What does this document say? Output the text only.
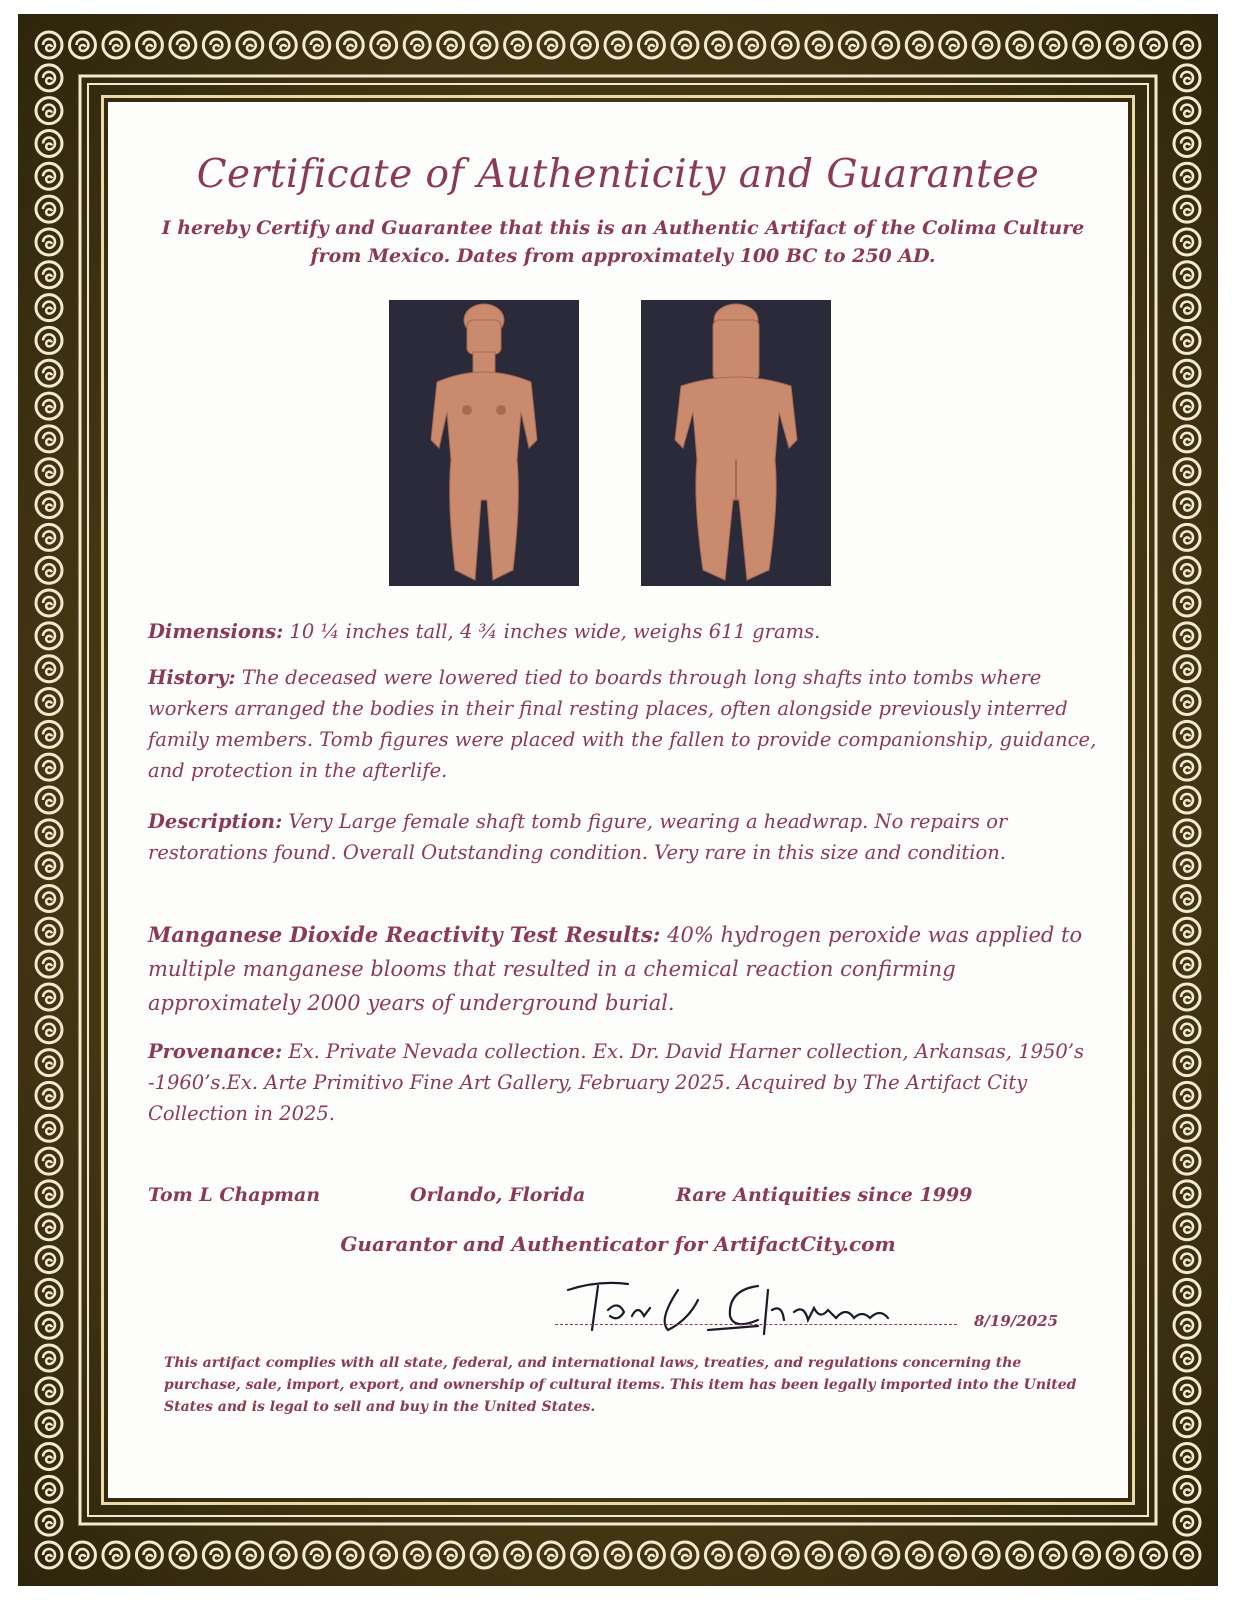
Certificate of Authenticity and Guarantee
I hereby Certify and Guarantee that this is an Authentic Artifact of the Colima Culture from Mexico. Dates from approximately 100 BC to 250 AD.
Dimensions: 10 ¼ inches tall, 4 ¾ inches wide, weighs 611 grams.
History: The deceased were lowered tied to boards through long shafts into tombs where workers arranged the bodies in their final resting places, often alongside previously interred family members. Tomb figures were placed with the fallen to provide companionship, guidance, and protection in the afterlife.
Description: Very Large female shaft tomb figure, wearing a headwrap. No repairs or restorations found. Overall Outstanding condition. Very rare in this size and condition.
Manganese Dioxide Reactivity Test Results: 40% hydrogen peroxide was applied to multiple manganese blooms that resulted in a chemical reaction confirming approximately 2000 years of underground burial.
Provenance: Ex. Private Nevada collection. Ex. Dr. David Harner collection, Arkansas, 1950’s -1960’s.Ex. Arte Primitivo Fine Art Gallery, February 2025. Acquired by The Artifact City Collection in 2025.
Tom L Chapman	Orlando, Florida	Rare Antiquities since 1999
Guarantor and Authenticator for ArtifactCity.com
8/19/2025
This artifact complies with all state, federal, and international laws, treaties, and regulations concerning the purchase, sale, import, export, and ownership of cultural items. This item has been legally imported into the United States and is legal to sell and buy in the United States.
